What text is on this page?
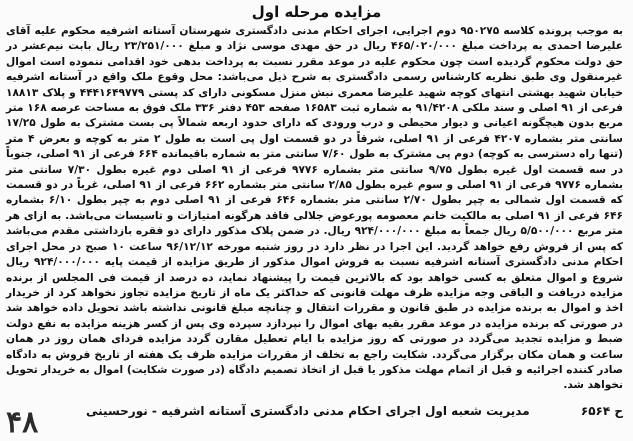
مزایده مرحله اول

به موجب پرونده کلاسه ۹۵۰۲۷۵ دوم اجرایی، اجرای احکام مدنی دادگستری شهرستان آستانه اشرفیه محکوم علیه آقای علیرضا احمدی به پرداخت مبلغ ۴۶۵/۰۲۰/۰۰۰ ریال در حق مهدی موسی نژاد و مبلغ ۲۳/۲۵۱/۰۰۰ ریال بابت نیم‌عشر در حق دولت محکوم گردیده است چون محکوم علیه در موعد مقرر نسبت به پرداخت بدهی خود اقدامی ننموده است اموال غیرمنقول وی طبق نظریه کارشناس رسمی دادگستری به شرح ذیل می‌باشد: محل وقوع ملک واقع در آستانه اشرفیه خیابان شهید بهشتی انتهای کوچه شهید علیرضا معمری نبش منزل مسکونی دارای کد پستی ۴۴۴۱۶۴۹۷۷۹ و پلاک ۱۸۸۱۳ فرعی از ۹۱ اصلی و سند ملکی ۹۱/۴۲۰۸ به شماره ثبت ۱۶۵۸۳ صفحه ۴۵۳ دفتر ۳۳۶ ملک فوق به مساحت عرصه ۱۶۸ متر مربع بدون هیچگونه اعیانی و دیوار محیطی و درب ورودی که دارای حدود اربعه شمالاً پی بست مشترک به طول ۱۷/۲۵ سانتی متر بشماره ۴۲۰۷ فرعی از ۹۱ اصلی، شرقاً در دو قسمت اول پی است به طول ۲ متر به کوچه و بعرض ۴ متر (تنها راه دسترسی به کوچه) دوم پی مشترک به طول ۷/۶۰ سانتی متر به شماره باقیمانده ۶۶۴ فرعی از ۹۱ اصلی، جنوباً در سه قسمت اول غیره بطول ۹/۷۵ سانتی متر بشماره ۹۷۷۶ فرعی از ۹۱ اصلی دوم غیره بطول ۷/۳۰ سانتی متر بشماره ۹۷۷۶ فرعی از ۹۱ اصلی و سوم غیره بطول ۲/۸۵ سانتی متر بشماره ۶۶۲ فرعی از ۹۱ اصلی، غرباً در دو قسمت که قسمت اول شمالی به چپر بطول ۲/۷۰ سانتی متر بشماره ۶۴۶ فرعی از ۹۱ اصلی دوم به چپر بطول ۶/۱۰ بشماره ۶۴۶ فرعی از ۹۱ اصلی به مالکیت خانم معصومه پورعوض جلالی فاقد هرگونه امتیازات و تاسیسات می‌باشد. به ازای هر متر مربع ۵/۵۰۰/۰۰۰ ریال جمعاً به مبلغ ۹۲۴/۰۰۰/۰۰۰ ریال. در ضمن پلاک مذکور دارای دو فقره بازداشتی مقدم می‌باشد که پس از فروش رفع خواهد گردید. این اجرا در نظر دارد در روز شنبه مورخه ۹۶/۱۲/۱۲ ساعت ۱۰ صبح در محل اجرای احکام مدنی دادگستری آستانه اشرفیه نسبت به فروش اموال مذکور از طریق مزایده از قیمت پایه ۹۲۴/۰۰۰/۰۰۰ ریال شروع و اموال متعلق به کسی خواهد بود که بالاترین قیمت را پیشنهاد نماید، ده درصد از قیمت فی المجلس از برنده مزایده دریافت و الباقی وجه مزایده ظرف مهلت قانونی که حداکثر یک ماه از تاریخ مزایده تجاوز نخواهد کرد از خریدار اخذ و اموال به برنده مزایده در طبق قانون و مقررات انتقال و چنانچه مبلغ قانونی نداشته باشد تحویل داده خواهد شد در صورتی که برنده مزایده در موعد مقرر بقیه بهای اموال را نپردازد سپرده وی پس از کسر هزینه مزایده به نفع دولت ضبط و مزایده تجدید می‌گردد در صورتی که روز مزایده با ایام تعطیل مقارن گردد مزایده فردای همان روز در همان ساعت و همان مکان برگزار می‌گردد. شکایت راجع به تخلف از مقررات مزایده ظرف یک هفته از تاریخ فروش به دادگاه صادر کننده اجرائیه و قبل از اتمام مهلت مذکور یا قبل از اتخاذ تصمیم دادگاه (در صورت شکایت) اموال به خریدار تحویل نخواهد شد.

ح ۶۵۶۴
مدیریت شعبه اول اجرای احکام مدنی دادگستری آستانه اشرفیه - نورحسینی
۴۸
